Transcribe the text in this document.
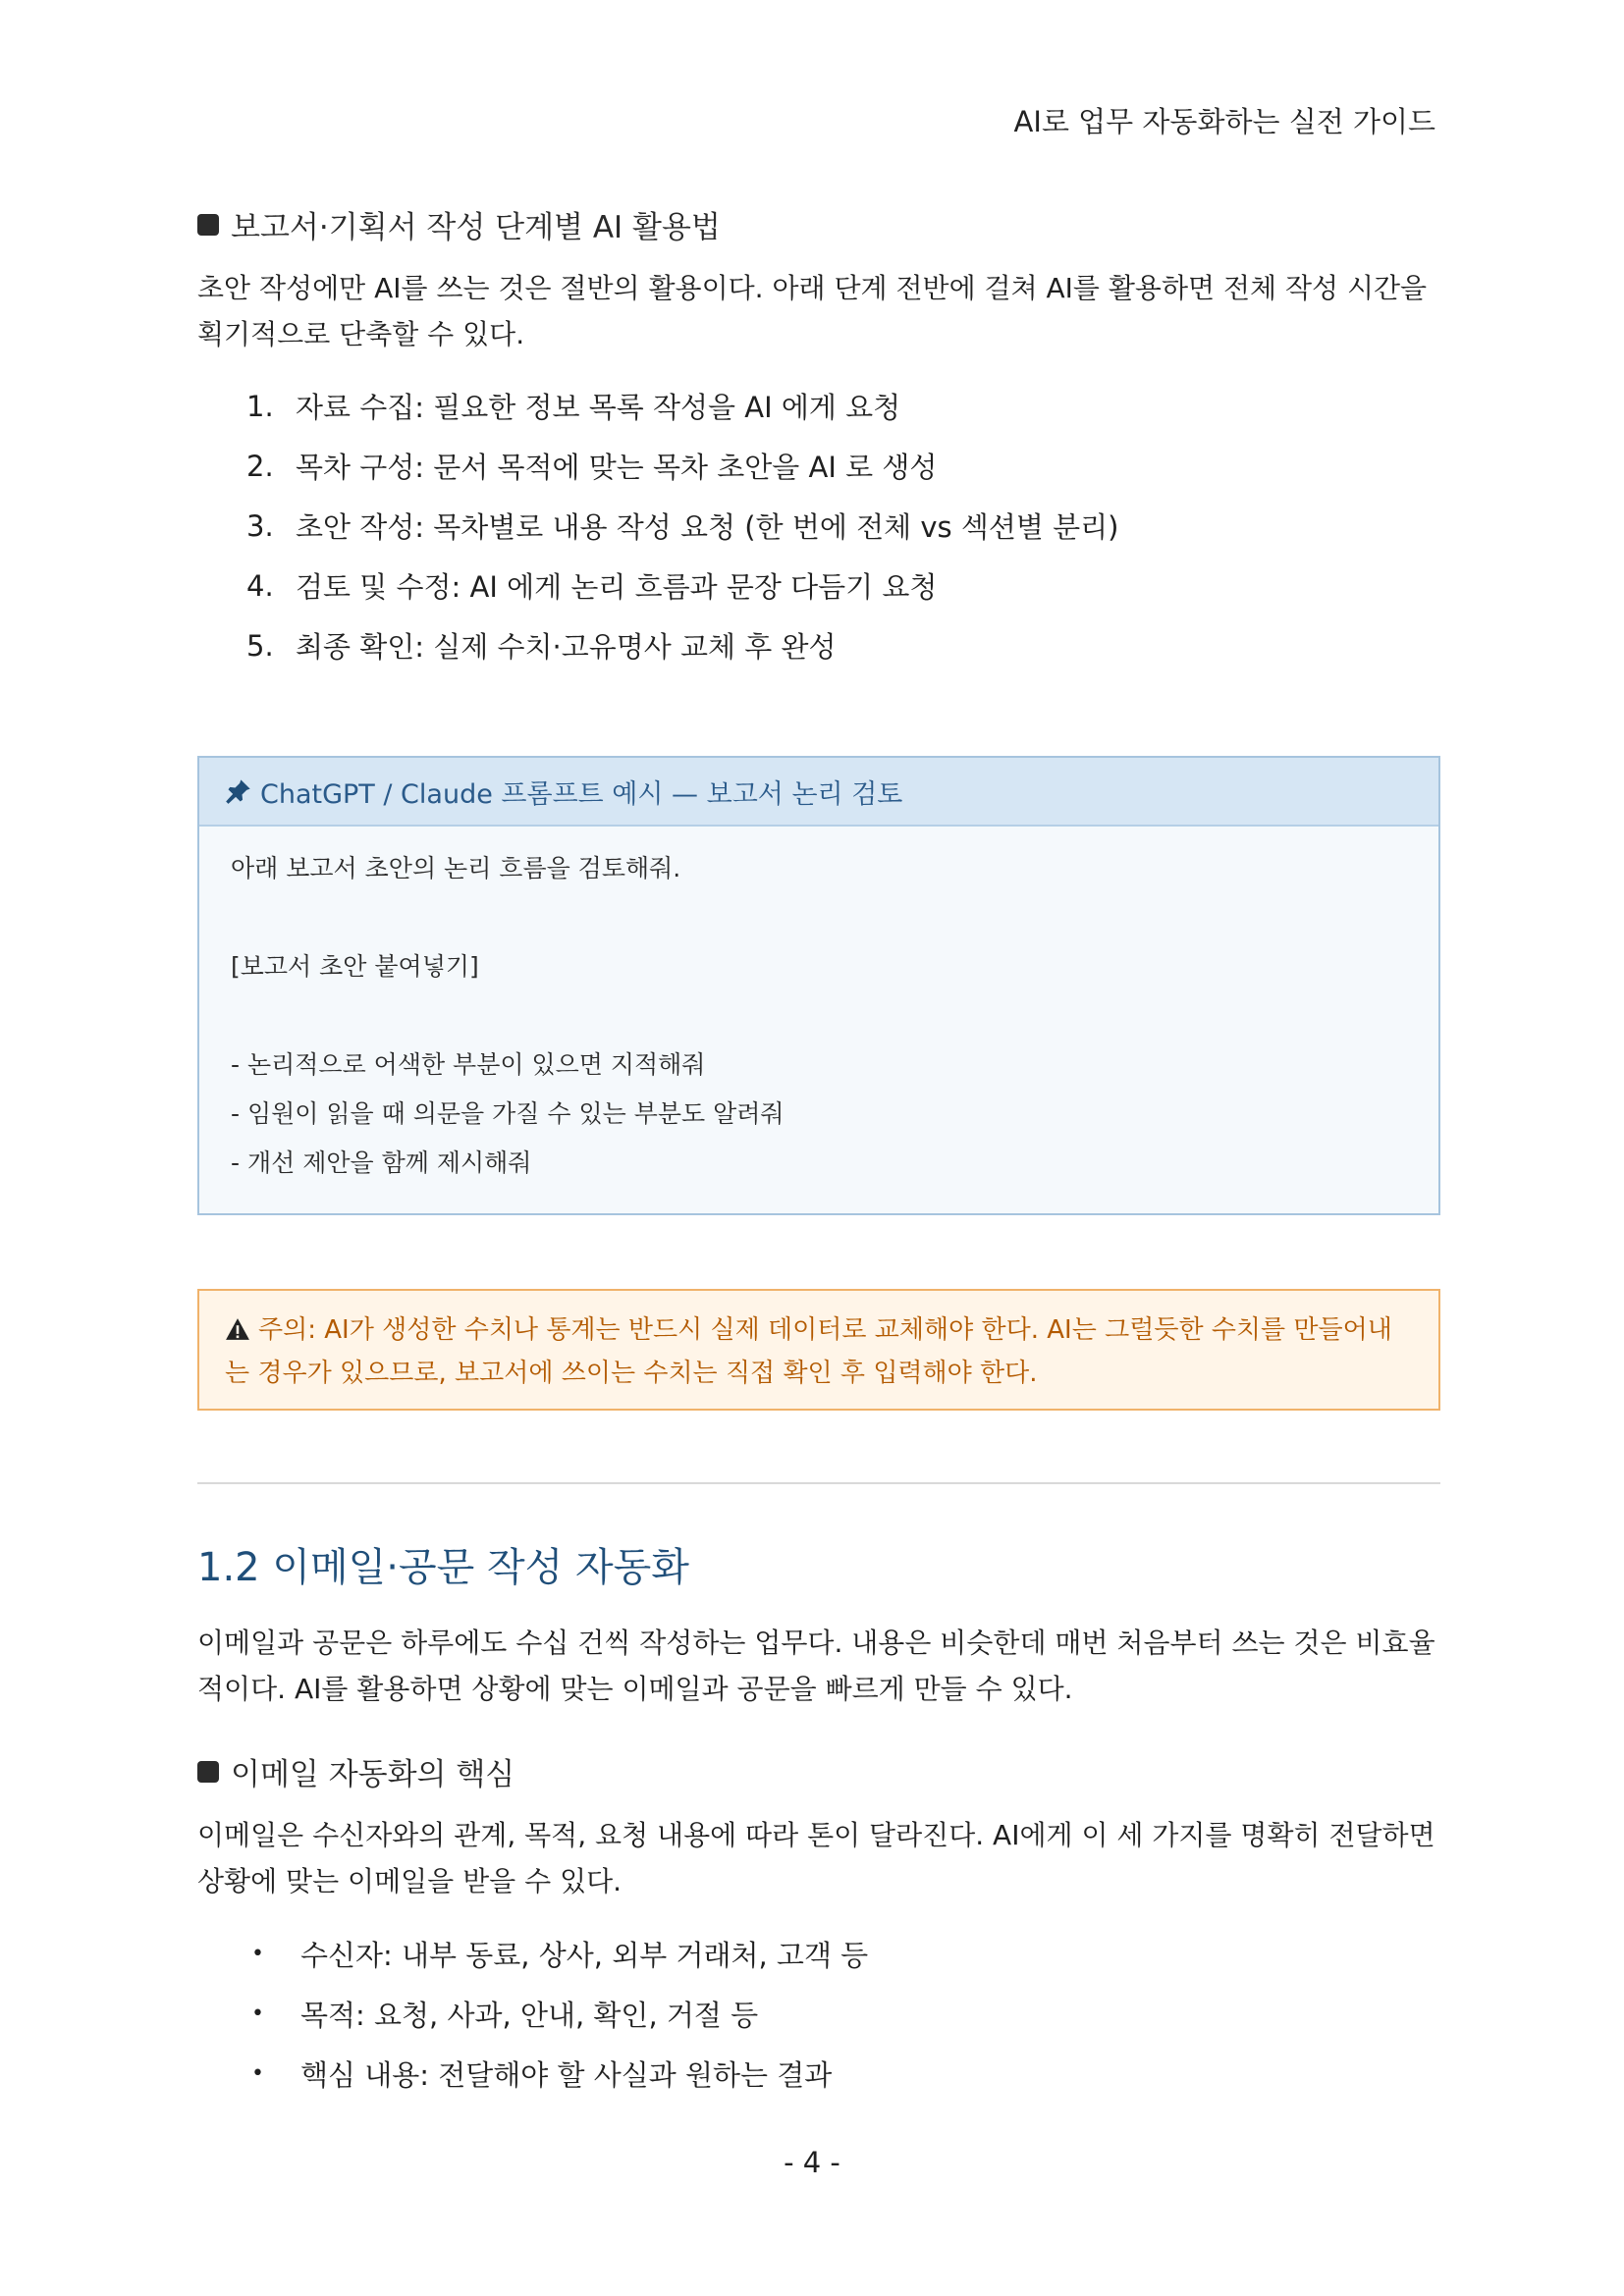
AI로 업무 자동화하는 실전 가이드
보고서·기획서 작성 단계별 AI 활용법
초안 작성에만 AI를 쓰는 것은 절반의 활용이다. 아래 단계 전반에 걸쳐 AI를 활용하면 전체 작성 시간을 획기적으로 단축할 수 있다.
1. 자료 수집: 필요한 정보 목록 작성을 AI 에게 요청
2. 목차 구성: 문서 목적에 맞는 목차 초안을 AI 로 생성
3. 초안 작성: 목차별로 내용 작성 요청 (한 번에 전체 vs 섹션별 분리)
4. 검토 및 수정: AI 에게 논리 흐름과 문장 다듬기 요청
5. 최종 확인: 실제 수치·고유명사 교체 후 완성
ChatGPT / Claude 프롬프트 예시 — 보고서 논리 검토
아래 보고서 초안의 논리 흐름을 검토해줘.
[보고서 초안 붙여넣기]
- 논리적으로 어색한 부분이 있으면 지적해줘
- 임원이 읽을 때 의문을 가질 수 있는 부분도 알려줘
- 개선 제안을 함께 제시해줘
주의: AI가 생성한 수치나 통계는 반드시 실제 데이터로 교체해야 한다. AI는 그럴듯한 수치를 만들어내는 경우가 있으므로, 보고서에 쓰이는 수치는 직접 확인 후 입력해야 한다.
1.2 이메일·공문 작성 자동화
이메일과 공문은 하루에도 수십 건씩 작성하는 업무다. 내용은 비슷한데 매번 처음부터 쓰는 것은 비효율적이다. AI를 활용하면 상황에 맞는 이메일과 공문을 빠르게 만들 수 있다.
이메일 자동화의 핵심
이메일은 수신자와의 관계, 목적, 요청 내용에 따라 톤이 달라진다. AI에게 이 세 가지를 명확히 전달하면 상황에 맞는 이메일을 받을 수 있다.
•	수신자: 내부 동료, 상사, 외부 거래처, 고객 등
•	목적: 요청, 사과, 안내, 확인, 거절 등
•	핵심 내용: 전달해야 할 사실과 원하는 결과
- 4 -
